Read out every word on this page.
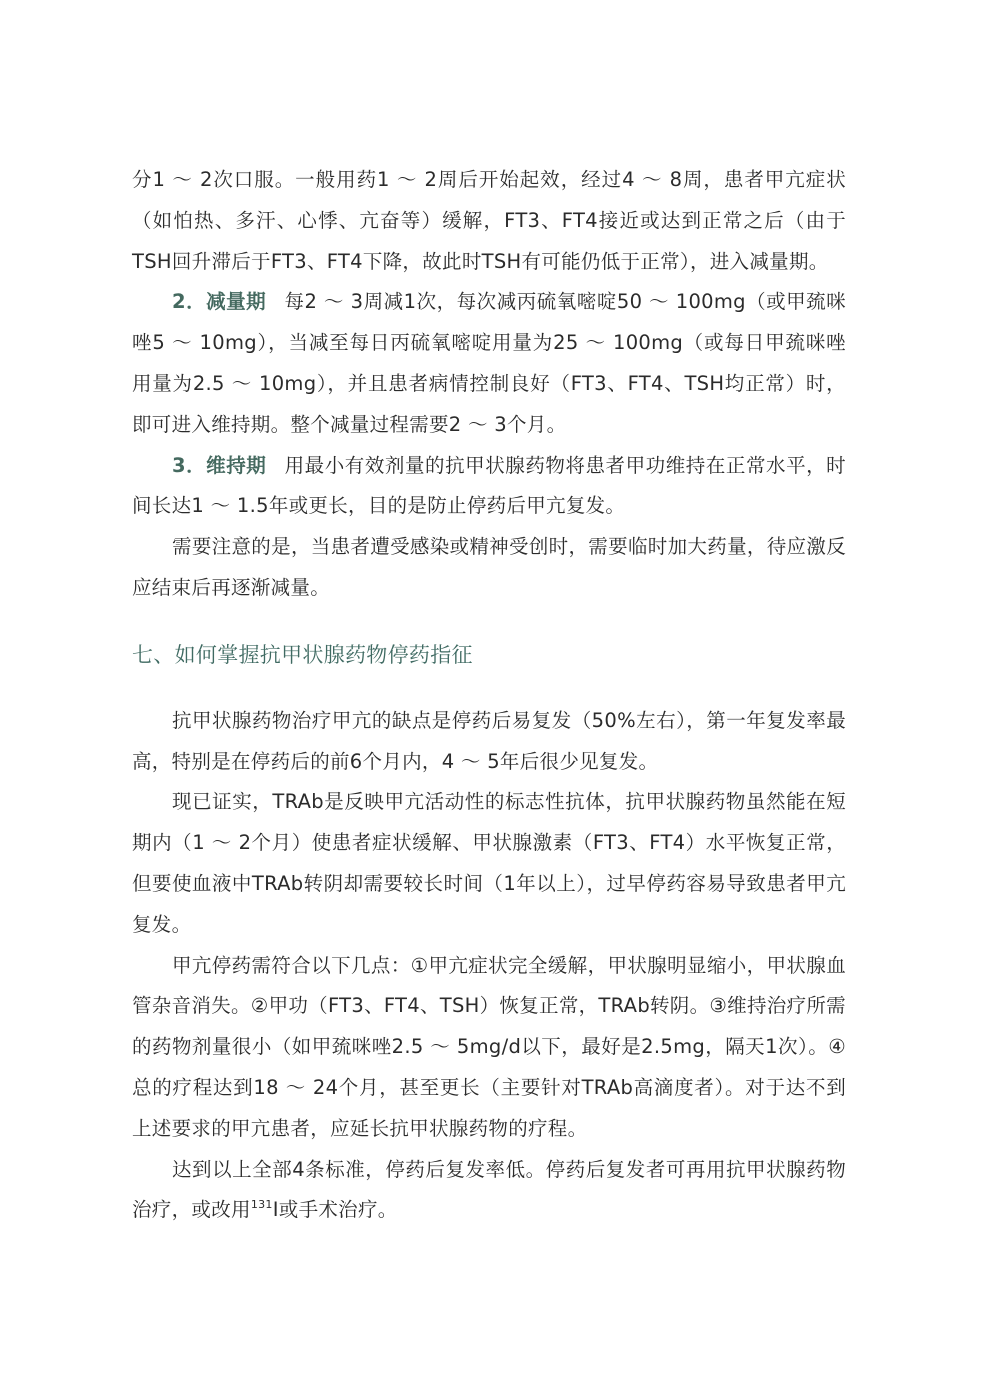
分1 ～ 2次口服。一般用药1 ～ 2周后开始起效，经过4 ～ 8周，患者甲亢症状（如怕热、多汗、心悸、亢奋等）缓解，FT3、FT4接近或达到正常之后（由于TSH回升滞后于FT3、FT4下降，故此时TSH有可能仍低于正常），进入减量期。

2．减量期 每2 ～ 3周减1次，每次减丙硫氧嘧啶50 ～ 100mg（或甲巯咪唑5 ～ 10mg），当减至每日丙硫氧嘧啶用量为25 ～ 100mg（或每日甲巯咪唑用量为2.5 ～ 10mg），并且患者病情控制良好（FT3、FT4、TSH均正常）时，即可进入维持期。整个减量过程需要2 ～ 3个月。

3．维持期 用最小有效剂量的抗甲状腺药物将患者甲功维持在正常水平，时间长达1 ～ 1.5年或更长，目的是防止停药后甲亢复发。

需要注意的是，当患者遭受感染或精神受创时，需要临时加大药量，待应激反应结束后再逐渐减量。

七、如何掌握抗甲状腺药物停药指征

抗甲状腺药物治疗甲亢的缺点是停药后易复发（50%左右），第一年复发率最高，特别是在停药后的前6个月内，4 ～ 5年后很少见复发。

现已证实，TRAb是反映甲亢活动性的标志性抗体，抗甲状腺药物虽然能在短期内（1 ～ 2个月）使患者症状缓解、甲状腺激素（FT3、FT4）水平恢复正常，但要使血液中TRAb转阴却需要较长时间（1年以上），过早停药容易导致患者甲亢复发。

甲亢停药需符合以下几点：①甲亢症状完全缓解，甲状腺明显缩小，甲状腺血管杂音消失。②甲功（FT3、FT4、TSH）恢复正常，TRAb转阴。③维持治疗所需的药物剂量很小（如甲巯咪唑2.5 ～ 5mg/d以下，最好是2.5mg，隔天1次）。④总的疗程达到18 ～ 24个月，甚至更长（主要针对TRAb高滴度者）。对于达不到上述要求的甲亢患者，应延长抗甲状腺药物的疗程。

达到以上全部4条标准，停药后复发率低。停药后复发者可再用抗甲状腺药物治疗，或改用$^{131}$I或手术治疗。
